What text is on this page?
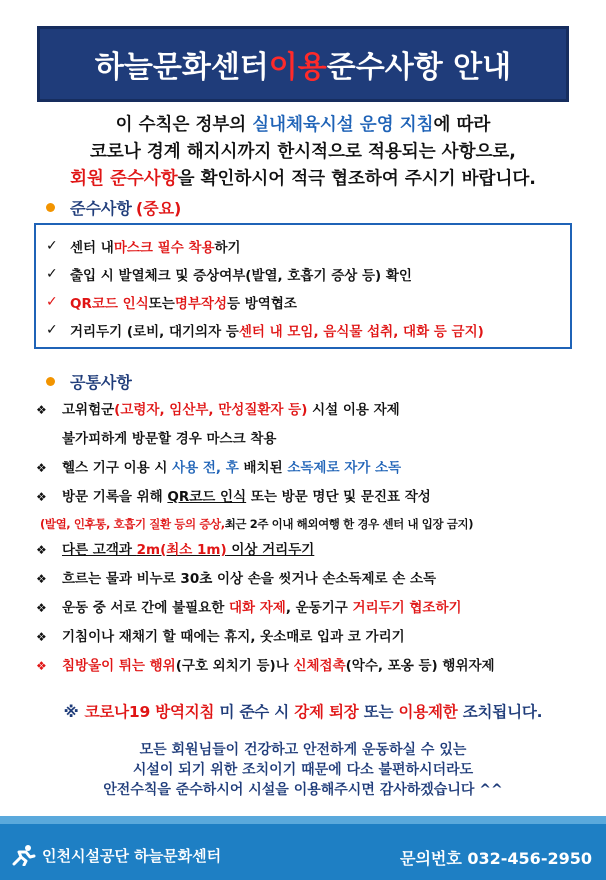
하늘문화센터 이용 준수사항 안내
이 수칙은 정부의 실내체육시설 운영 지침에 따라
코로나 경계 해지시까지 한시적으로 적용되는 사항으로,
회원 준수사항을 확인하시어 적극 협조하여 주시기 바랍니다.
준수사항 (중요)
✓ 센터 내 마스크 필수 착용 하기
✓ 출입 시 발열체크 및 증상여부(발열, 호흡기 증상 등) 확인
✓ QR코드 인식 또는 명부작성 등 방역협조
✓ 거리두기 (로비, 대기의자 등 센터 내 모임, 음식물 섭취, 대화 등 금지)
공통사항
❖	고위험군(고령자, 임산부, 만성질환자 등) 시설 이용 자제
불가피하게 방문할 경우 마스크 착용
❖	헬스 기구 이용 시 사용 전, 후 배치된 소독제로 자가 소독
❖	방문 기록을 위해 QR코드 인식 또는 방문 명단 및 문진표 작성
(발열, 인후통, 호흡기 질환 등의 증상, 최근 2주 이내 해외여행 한 경우 센터 내 입장 금지)
❖	다른 고객과 2m(최소 1m) 이상 거리두기
❖	흐르는 물과 비누로 30초 이상 손을 씻거나 손소독제로 손 소독
❖	운동 중 서로 간에 불필요한 대화 자제, 운동기구 거리두기 협조하기
❖	기침이나 재채기 할 때에는 휴지, 옷소매로 입과 코 가리기
❖	침방울이 튀는 행위(구호 외치기 등)나 신체접촉(악수, 포옹 등) 행위자제
※ 코로나19 방역지침 미 준수 시 강제 퇴장 또는 이용제한 조치됩니다.
모든 회원님들이 건강하고 안전하게 운동하실 수 있는
시설이 되기 위한 조치이기 때문에 다소 불편하시더라도
안전수칙을 준수하시어 시설을 이용해주시면 감사하겠습니다 ^^
인천시설공단 하늘문화센터	문의번호 032-456-2950
